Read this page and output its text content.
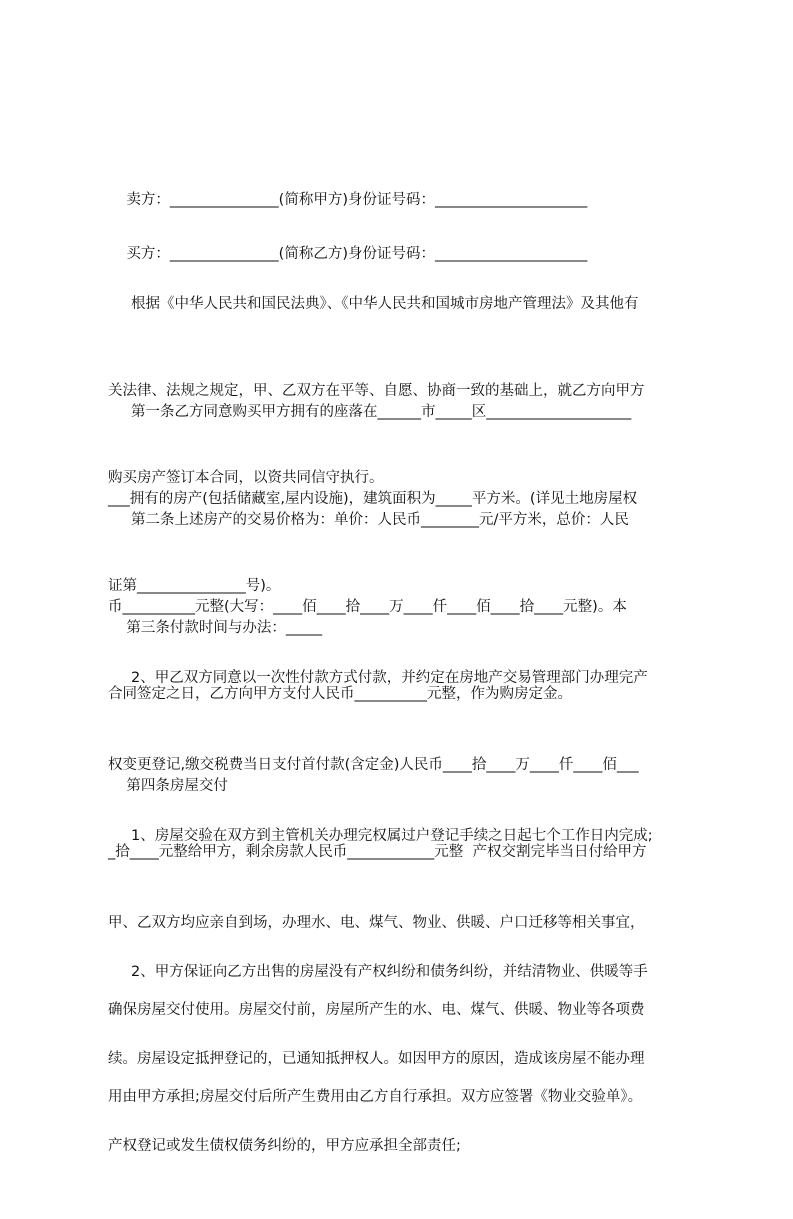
卖方：_______________(简称甲方)身份证号码：_____________________

买方：_______________(简称乙方)身份证号码：_____________________

根据《中华人民共和国民法典》、《中华人民共和国城市房地产管理法》及其他有

关法律、法规之规定，甲、乙双方在平等、自愿、协商一致的基础上，就乙方向甲方

购买房产签订本合同，以资共同信守执行。

第一条乙方同意购买甲方拥有的座落在______市_____区____________________

___拥有的房产(包括储藏室,屋内设施)，建筑面积为_____平方米。(详见土地房屋权

证第_______________号)。

第二条上述房产的交易价格为：单价：人民币________元/平方米，总价：人民

币__________元整(大写：____佰____拾____万____仟____佰____拾____元整)。本

合同签定之日，乙方向甲方支付人民币__________元整，作为购房定金。

第三条付款时间与办法：_____

2、甲乙双方同意以一次性付款方式付款，并约定在房地产交易管理部门办理完产

权变更登记,缴交税费当日支付首付款(含定金)人民币____拾____万____仟____佰___

_拾____元整给甲方，剩余房款人民币____________元整  产权交割完毕当日付给甲方

第四条房屋交付

1、房屋交验在双方到主管机关办理完权属过户登记手续之日起七个工作日内完成;

甲、乙双方均应亲自到场，办理水、电、煤气、物业、供暖、户口迁移等相关事宜，

确保房屋交付使用。房屋交付前，房屋所产生的水、电、煤气、供暖、物业等各项费

用由甲方承担;房屋交付后所产生费用由乙方自行承担。双方应签署《物业交验单》。

2、甲方保证向乙方出售的房屋没有产权纠纷和债务纠纷，并结清物业、供暖等手

续。房屋设定抵押登记的，已通知抵押权人。如因甲方的原因，造成该房屋不能办理

产权登记或发生债权债务纠纷的，甲方应承担全部责任;
